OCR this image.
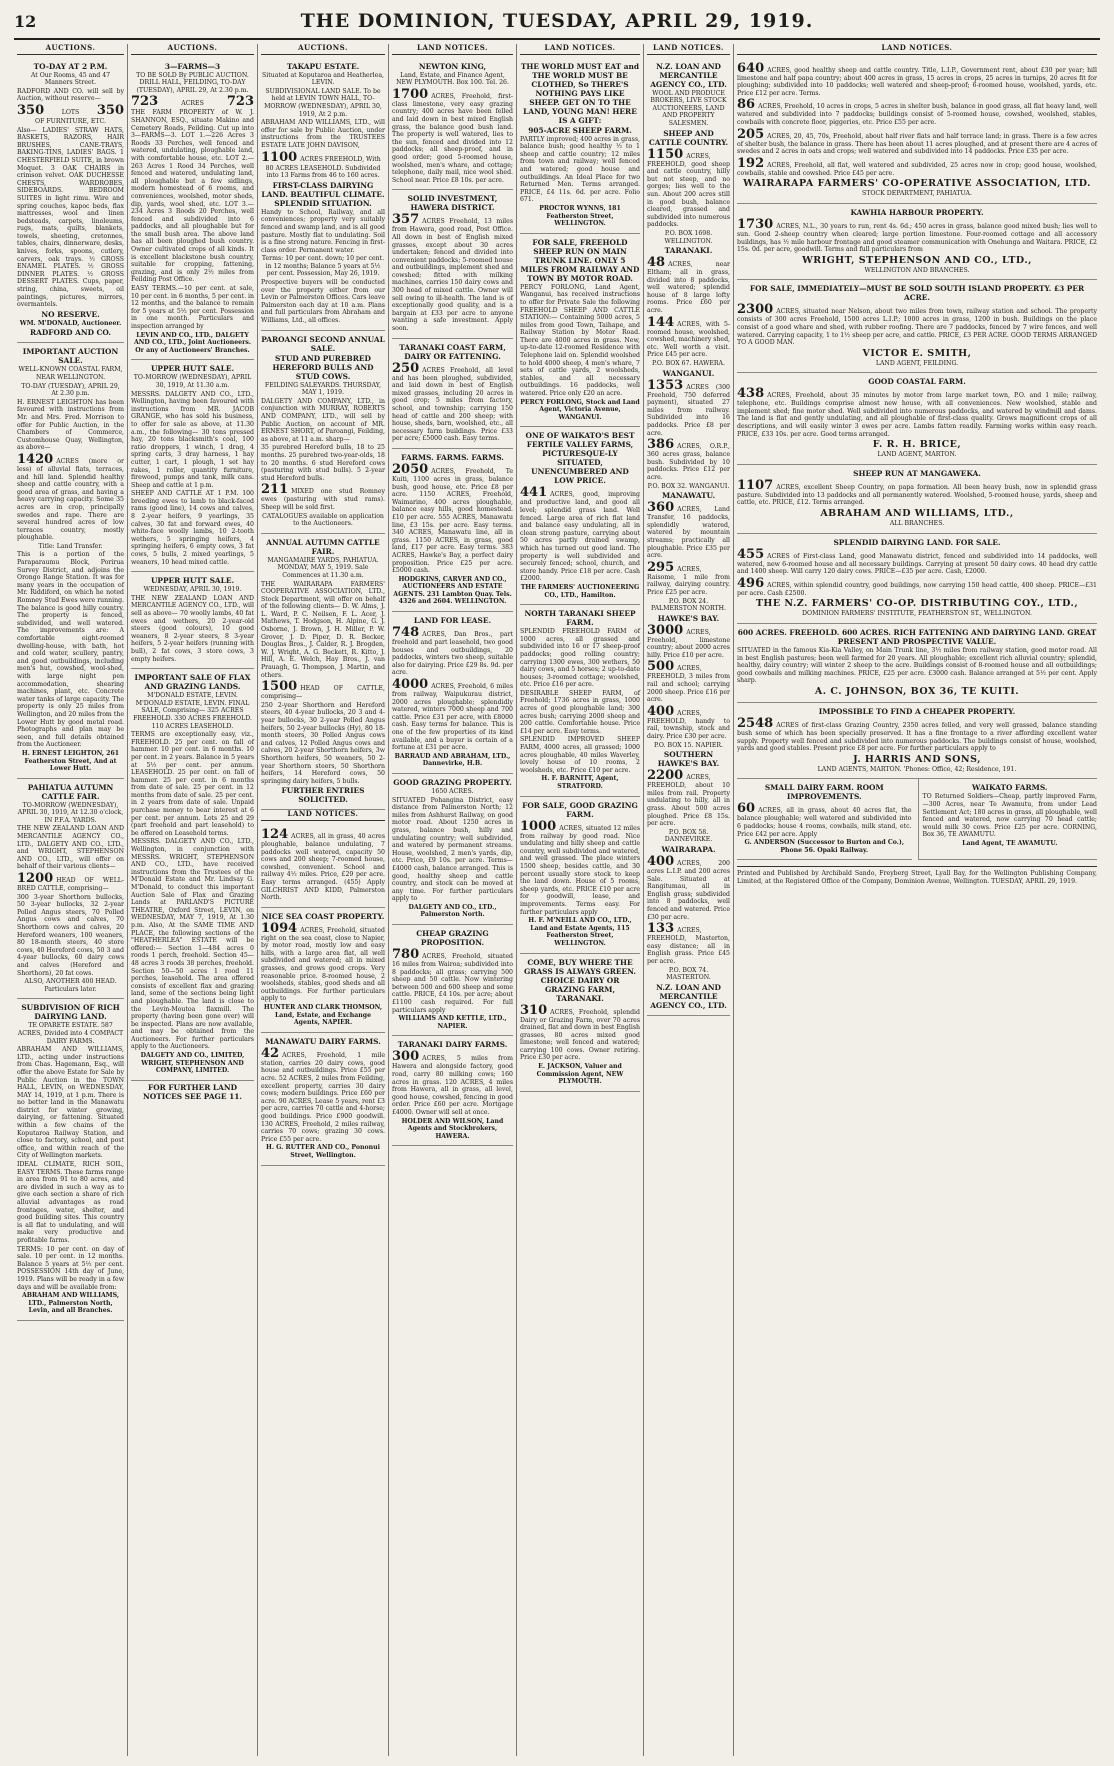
12	THE DOMINION, TUESDAY, APRIL 29, 1919.
AUCTIONS.

TO-DAY AT 2 P.M.

At Our Rooms, 45 and 47 Manners Street.

RADFORD AND CO. will sell by Auction, without reserve—

350	LOTS 350

OF FURNITURE, ETC.

Also— LADIES' STRAW HATS, BASKETS, RAZORS, HAIR BRUSHES, CANE-TRAYS, BAKING-TINS, LADIES' BAGS. 1 CHESTERFIELD SUITE, in brown Moquet. 3 OAK CHAIRS in crimson velvet. OAK DUCHESSE CHESTS, WARDROBES, SIDEBOARDS. BEDROOM SUITES in light rimu. Wire and spring couches, kapoc beds, flax mattresses, wool and linen bedsteads, carpets, linoleums, rugs, mats, quilts, blankets, towels, sheeting, cretonnes, tables, chairs, dinnerware, desks, knives, forks, spoons, cutlery, carvers, oak trays. ½ GROSS ENAMEL PLATES. ½ GROSS DINNER PLATES. ½ GROSS DESSERT PLATES. Cups, paper, string, china, sweets, oil paintings, pictures, mirrors, overmantels.

NO RESERVE.

WM. M'DONALD, Auctioneer.

RADFORD AND CO.

IMPORTANT AUCTION SALE.

WELL-KNOWN COASTAL FARM, NEAR WELLINGTON.

TO-DAY (TUESDAY), APRIL 29, At 2.30 p.m.

H. ERNEST LEIGHTON has been favoured with instructions from Mr. and Mrs. Fred. Morrison to offer for Public Auction, in the Chambers of Commerce, Customhouse Quay, Wellington, as above—

1420 ACRES (more or less) of alluvial flats, terraces, and hill land. Splendid healthy sheep and cattle country, with a good area of grass, and having a heavy carrying capacity. Some 35 acres are in crop, principally swedes and rape. There are several hundred acres of low terraces country, mostly ploughable.

Title: Land Transfer.

This is a portion of the Paraparaumu Block, Porirua Survey District, and adjoins the Orongo Range Station. It was for many years in the occupation of Mr. Riddiford, on which he noted Romney Stud Ewes were running. The balance is good hilly country. The property is fenced, subdivided, and well watered. The improvements are: A comfortable eight-roomed dwelling-house, with bath, hot and cold water, scullery, pantry, and good outbuildings, including men's hut, cowshed, wool-shed, with large night pen accommodation, shearing machines, plant, etc. Concrete water tanks of large capacity. The property is only 25 miles from Wellington, and 20 miles from the Lower Hutt by good metal road. Photographs and plan may be seen, and full details obtained from the Auctioneer.

H. ERNEST LEIGHTON, 261 Featherston Street, And at Lower Hutt.

PAHIATUA AUTUMN CATTLE FAIR.

TO-MORROW (WEDNESDAY), APRIL 30, 1919, At 12.30 o'clock, IN P.F.A. YARDS.

THE NEW ZEALAND LOAN AND MERCANTILE AGENCY CO., LTD., DALGETY AND CO., LTD., and WRIGHT, STEPHENSON AND CO., LTD., will offer on behalf of their various clients—

1200 HEAD OF WELL-BRED CATTLE, comprising—

300 3-year Shorthorn bullocks, 50 3-year bullocks, 32 2-year Polled Angus steers, 70 Polled Angus cows and calves, 70 Shorthorn cows and calves, 20 Hereford weaners, 100 weaners, 80 18-month steers, 40 store cows, 40 Hereford cows, 50 3 and 4-year bullocks, 60 dairy cows and calves (Hereford and Shorthorn), 20 fat cows.

ALSO, ANOTHER 400 HEAD. Particulars later.

SUBDIVISION OF RICH DAIRYING LAND.

TE OPARETE ESTATE. 587 ACRES, Divided into 4 COMPACT DAIRY FARMS.

ABRAHAM AND WILLIAMS, LTD., acting under instructions from Chas. Hagemann, Esq., will offer the above Estate for Sale by Public Auction in the TOWN HALL, LEVIN, on WEDNESDAY, MAY 14, 1919, at 1 p.m. There is no better land in the Manawatu district for winter growing, dairying, or fattening. Situated within a few chains of the Koputaroa Railway Station, and close to factory, school, and post office, and within reach of the City of Wellington markets.

IDEAL CLIMATE, RICH SOIL, EASY TERMS. These farms range in area from 91 to 80 acres, and are divided in such a way as to give each section a share of rich alluvial advantages as road frontages, water, shelter, and good building sites. This country is all flat to undulating, and will make very productive and profitable farms.

TERMS: 10 per cent. on day of sale. 10 per cent. in 12 months. Balance 5 years at 5½ per cent. POSSESSION 14th day of June, 1919. Plans will be ready in a few days and will be available from:

ABRAHAM AND WILLIAMS, LTD., Palmerston North, Levin, and all Branches.

AUCTIONS.

3—FARMS—3

TO BE SOLD By PUBLIC AUCTION. DRILL HALL, FEILDING, TO-DAY (TUESDAY), APRIL 29, At 2.30 p.m.

723	ACRES 723

THE FARM PROPERTY of W. J. SHANNON, ESQ., situate Makino and Cemetery Roads, Feilding. Cut up into 3—FARMS—3. LOT 1.—226 Acres 3 Roods 33 Perches, well fenced and watered, undulating, ploughable land, with comfortable house, etc. LOT 2.—263 Acres 1 Rood 34 Perches, well fenced and watered, undulating land, all ploughable but a few sidlings, modern homestead of 6 rooms, and conveniences, woolshed, motor sheds, dip, yards, wool shed, etc. LOT 3.—234 Acres 3 Roods 20 Perches, well fenced and subdivided into 6 paddocks, and all ploughable but for the small bush area. The above land has all been ploughed bush country. Owner cultivated crops of all kinds. It is excellent blackstone bush country, suitable for cropping, fattening, grazing, and is only 2½ miles from Feilding Post Office.

EASY TERMS.—10 per cent. at sale, 10 per cent. in 6 months, 5 per cent. in 12 months, and the balance to remain for 5 years at 5½ per cent. Possession in one month. Particulars and inspection arranged by

LEVIN AND CO., LTD., DALGETY AND CO., LTD., Joint Auctioneers. Or any of Auctioneers' Branches.

UPPER HUTT SALE.

TO-MORROW (WEDNESDAY), APRIL 30, 1919, At 11.30 a.m.

MESSRS. DALGETY AND CO., LTD., Wellington, having been favoured with instructions from MR. JACOB GRANGE, who has sold his business, to offer for sale as above, at 11.30 a.m., the following— 30 tons pressed hay, 20 tons blacksmith's coal, 100 ratio droppers, 1 winch, 1 drag, 4 spring carts, 3 dray harness, 1 hay cutter, 1 cart, 1 plough, 1 set hay rakes, 1 roller, quantity furniture, firewood, pumps and tank, milk cans. Sheep and cattle at 1 p.m.

SHEEP AND CATTLE AT 1 P.M. 100 breeding ewes to lamb to black-faced rams (good line), 14 cows and calves, 8 2-year heifers, 9 yearlings, 35 calves, 30 fat and forward ewes, 40 white-face woolly lambs, 10 2-tooth wethers, 5 springing heifers, 4 springing heifers, 6 empty cows, 3 fat cows, 5 bulls, 2 mixed yearlings, 5 weaners, 10 head mixed cattle.

UPPER HUTT SALE.

WEDNESDAY, APRIL 30, 1919.

THE NEW ZEALAND LOAN AND MERCANTILE AGENCY CO., LTD., will sell as above— 70 woolly lambs, 40 fat ewes and wethers, 20 2-year-old steers (good colours), 10 good weaners, 8 2-year steers, 8 3-year heifers, 5 2-year heifers (running with bull), 2 fat cows, 3 store cows, 3 empty heifers.

IMPORTANT SALE OF FLAX AND GRAZING LANDS.

M'DONALD ESTATE, LEVIN. M'DONALD ESTATE, LEVIN. FINAL SALE, Comprising— 325 ACRES FREEHOLD. 330 ACRES FREEHOLD. 110 ACRES LEASEHOLD.

TERMS are exceptionally easy, viz., FREEHOLD. 25 per cent. on fall of hammer. 10 per cent. in 6 months. 10 per cent. in 2 years. Balance in 5 years at 5½ per cent. per annum. LEASEHOLD. 25 per cent. on fall of hammer. 25 per cent. in 6 months from date of sale. 25 per cent. in 12 months from date of sale. 25 per cent. in 2 years from date of sale. Unpaid purchase money to bear interest at 6 per cent. per annum. Lots 25 and 29 (part freehold and part leasehold) to be offered on Leasehold terms.

MESSRS. DALGETY AND CO., LTD., Wellington, in conjunction with MESSRS. WRIGHT, STEPHENSON AND CO., LTD., have received instructions from the Trustees of the M'Donald Estate and Mr. Lindsay G. M'Donald, to conduct this important Auction Sale of Flax and Grazing Lands at PARLAND'S PICTURE THEATRE, Oxford Street, LEVIN, on WEDNESDAY, MAY 7, 1919, At 1.30 p.m. Also, At the SAME TIME AND PLACE, the following sections of the "HEATHERLEA" ESTATE will be offered:— Section 1—484 acres 0 roods 1 perch, freehold. Section 45—48 acres 3 roods 38 perches, freehold. Section 50—50 acres 1 rood 11 perches, leasehold. The area offered consists of excellent flax and grazing land, some of the sections being light and ploughable. The land is close to the Levin-Moutoa flaxmill. The property (having been gone over) will be inspected. Plans are now available, and may be obtained from the Auctioneers. For further particulars apply to the Auctioneers.

DALGETY AND CO., LIMITED, WRIGHT, STEPHENSON AND COMPANY, LIMITED.

FOR FURTHER LAND NOTICES SEE PAGE 11.

AUCTIONS.

TAKAPU ESTATE.

Situated at Koputaroa and Heatherlea, LEVIN.

SUBDIVISIONAL LAND SALE. To be held at LEVIN TOWN HALL, TO-MORROW (WEDNESDAY), APRIL 30, 1919, At 2 p.m.

ABRAHAM AND WILLIAMS, LTD., will offer for sale by Public Auction, under instructions from the TRUSTEES ESTATE LATE JOHN DAVISON,

1100 ACRES FREEHOLD, With

80 ACRES LEASEHOLD. Subdivided into 13 Farms from 46 to 160 acres.

FIRST-CLASS DAIRYING LAND. BEAUTIFUL CLIMATE. SPLENDID SITUATION.

Handy to School, Railway, and all conveniences; property very suitably fenced and swamp land, and is all good pasture. Mostly flat to undulating. Soil is a fine strong nature. Fencing in first-class order. Permanent water.

Terms: 10 per cent. down; 10 per cent. in 12 months; Balance 5 years at 5½ per cent. Possession, May 26, 1919.

Prospective buyers will be conducted over the property either from our Levin or Palmerston Offices. Cars leave Palmerston each day at 10 a.m. Plans and full particulars from Abraham and Williams, Ltd., all offices.

PAROANGI SECOND ANNUAL SALE.

STUD AND PUREBRED HEREFORD BULLS AND STUD COWS.

FEILDING SALEYARDS. THURSDAY, MAY 1, 1919.

DALGETY AND COMPANY, LTD., in conjunction with MURRAY, ROBERTS AND COMPANY, LTD., will sell by Public Auction, on account of MR. ERNEST SHORT, of Paroangi, Feilding, as above, at 11 a.m. sharp—

35 purebred Hereford bulls, 18 to 25 months. 25 purebred two-year-olds, 18 to 20 months. 6 stud Hereford cows (pasturing with stud bulls). 5 2-year stud Hereford bulls.

211 MIXED one stud Romney ewes (pasturing with stud rams). Sheep will be sold first.

CATALOGUES available on application to the Auctioneers.

ANNUAL AUTUMN CATTLE FAIR.

MANGAMAIRE YARDS, PAHIATUA. MONDAY, MAY 5, 1919. Sale Commences at 11.30 a.m.

THE WAIRARAPA FARMERS' COOPERATIVE ASSOCIATION, LTD., Stock Department, will offer on behalf of the following clients— D. W. Alms, J. L. Ward, P. C. Neilsen, F. L. Acer, J. Mathews, T. Hodgson, H. Alpine, G. J. Osborne, J. Brown, J. H. Miller, P. W. Grover, J. D. Piper, D. R. Becker, Douglas Bros., J. Calder, R. J. Brogden, W. J. Wright, A. G. Beckett, R. Kitto, J. Hill, A. E. Welch, Hay Bros., J. van Prauagh, G. Thompson, J. Martin, and others.

1500 HEAD OF CATTLE, comprising—

250 2-year Shorthorn and Hereford steers, 40 4-year bullocks, 20 3 and 4-year bullocks, 30 2-year Polled Angus heifers, 50 2-year bullocks (Hy), 80 18-month steers, 30 Polled Angus cows and calves, 12 Polled Angus cows and calves, 20 2-year Shorthorn heifers, 3w Shorthorn heifers, 50 weaners, 50 2-year Shorthorn steers, 50 Shorthorn heifers, 14 Hereford cows, 50 springing dairy heifers, 5 bulls.

FURTHER ENTRIES SOLICITED.

LAND NOTICES.

124 ACRES, all in grass, 40 acres ploughable, balance undulating, 7 paddocks well watered, capacity 50 cows and 200 sheep; 7-roomed house, cowshed, convenient. School and railway 4½ miles. Price, £29 per acre. Easy terms arranged. (455) Apply GILCHRIST AND KIDD, Palmerston North.

NICE SEA COAST PROPERTY.

1094 ACRES, Freehold, situated right on the sea coast, close to Napier, by motor road, mostly low and easy hills, with a large area flat, all well subdivided and watered; all in mixed grasses, and grows good crops. Very reasonable price. 8-roomed house, 2 woolsheds, stables, good sheds and all outbuildings. For further particulars apply to

HUNTER AND CLARK THOMSON, Land, Estate, and Exchange Agents, NAPIER.

MANAWATU DAIRY FARMS.

42 ACRES, Freehold, 1 mile station, carries 20 dairy cows, good house and outbuildings. Price £55 per acre. 52 ACRES, 2 miles from Feilding, excellent property, carries 30 dairy cows; modern buildings. Price £60 per acre. 90 ACRES, Lease 5 years, rent £3 per acre, carries 70 cattle and 4-horse; good buildings. Price £900 goodwill. 130 ACRES, Freehold, 2 miles railway, carries 70 cows; grazing 30 cows. Price £55 per acre.

H. G. RUTTER AND CO., Pononui Street, Wellington.

LAND NOTICES.

NEWTON KING,

Land, Estate, and Finance Agent, NEW PLYMOUTH. Box 100. Tel. 26.

1700 ACRES, Freehold, first-class limestone, very easy grazing country; 400 acres have been felled and laid down in best mixed English grass, the balance good bush land. The property is well watered, lies to the sun, fenced and divided into 12 paddocks; all sheep-proof, and in good order; good 5-roomed house, woolshed, men's whare, and cottage; telephone, daily mail, nice wool shed. School near. Price £8 10s. per acre.

SOLID INVESTMENT, HAWERA DISTRICT.

357 ACRES Freehold, 13 miles from Hawera, good road, Post Office. All down in best of English mixed grasses, except about 30 acres undertaken; fenced and divided into convenient paddocks; 5-roomed house and outbuildings, implement shed and cowshed; fitted with milking machines, carries 150 dairy cows and 300 head of mixed cattle. Owner will sell owing to ill-health. The land is of exceptionally good quality, and is a bargain at £33 per acre to anyone wanting a safe investment. Apply soon.

TARANAKI COAST FARM, DAIRY OR FATTENING.

250 ACRES Freehold, all level and has been ploughed, subdivided, and laid down in best of English mixed grasses, including 20 acres in good crop; 5 miles from factory, school, and township; carrying 150 head of cattle and 200 sheep; with house, sheds, barn, woolshed, etc., all necessary farm buildings. Price £33 per acre; £5000 cash. Easy terms.

FARMS. FARMS. FARMS.

2050 ACRES, Freehold, Te Kuiti, 1100 acres in grass, balance bush, good house, etc. Price £8 per acre. 1150 ACRES, Freehold, Waimarino, 400 acres ploughable, balance easy hills, good homestead. £10 per acre. 555 ACRES, Manawatu line, £3 15s. per acre. Easy terms. 340 ACRES, Manawatu line, all in grass. 1150 ACRES, in grass, good land, £17 per acre. Easy terms. 383 ACRES, Hawke's Bay, a perfect dairy proposition. Price £25 per acre. £5000 cash.

HODGKINS, CARVER AND CO., AUCTIONEERS AND ESTATE AGENTS. 231 Lambton Quay. Tels. 4326 and 2604. WELLINGTON.

LAND FOR LEASE.

748 ACRES, Dan Bros., part freehold and part leasehold, two good houses and outbuildings, 20 paddocks, winters two sheep, suitable also for dairying. Price £29 8s. 9d. per acre.

4000 ACRES, Freehold, 6 miles from railway, Waipukurau district, 2000 acres ploughable; splendidly watered, winters 7000 sheep and 700 cattle. Price £31 per acre, with £8000 cash. Easy terms for balance. This is one of the few properties of its kind available, and a buyer is certain of a fortune at £31 per acre.

BARRAUD AND ABRAHAM, LTD., Dannevirke, H.B.

GOOD GRAZING PROPERTY.

1650 ACRES.

SITUATED Pohangina District, easy distance from Palmerston North; 12 miles from Ashhurst Railway, on good motor road. About 1250 acres in grass, balance bush, hilly and undulating country; well subdivided, and watered by permanent streams. House, woolshed, 2 men's yards, dip, etc. Price, £9 10s. per acre. Terms—£4000 cash, balance arranged. This is good, healthy sheep and cattle country, and stock can be moved at any time. For further particulars apply to

DALGETY AND CO., LTD., Palmerston North.

CHEAP GRAZING PROPOSITION.

780 ACRES, Freehold, situated 16 miles from Wairoa; subdivided into 8 paddocks; all grass; carrying 500 sheep and 50 cattle. Now wintering between 500 and 600 sheep and some cattle. PRICE, £4 10s. per acre; about £1100 cash required. For full particulars apply

WILLIAMS AND KETTLE, LTD., NAPIER.

TARANAKI DAIRY FARMS.

300 ACRES, 5 miles from Hawera and alongside factory, good road, carry 80 milking cows; 160 acres in grass. 120 ACRES, 4 miles from Hawera, all in grass, all level, good house, cowshed, fencing in good order. Price £60 per acre. Mortgage £4000. Owner will sell at once.

HOLDER AND WILSON, Land Agents and Stockbrokers, HAWERA.

LAND NOTICES.

THE WORLD MUST EAT and THE WORLD MUST BE CLOTHED, So THERE'S NOTHING PAYS LIKE SHEEP. GET ON TO THE LAND, YOUNG MAN! HERE IS A GIFT:

905-ACRE SHEEP FARM.

PARTLY improved; 400 acres in grass, balance bush; good healthy ½ to 1 sheep and cattle country; 12 miles from town and railway; well fenced and watered; good house and outbuildings. An Ideal Place for two Returned Men. Terms arranged. PRICE, £4 11s. 6d. per acre. Folio 671.

PROCTOR WYNNS, 181 Featherston Street, WELLINGTON.

FOR SALE, FREEHOLD SHEEP RUN ON MAIN TRUNK LINE. ONLY 5 MILES FROM RAILWAY AND TOWN BY MOTOR ROAD.

PERCY FORLONG, Land Agent, Wanganui, has received instructions to offer for Private Sale the following FREEHOLD SHEEP AND CATTLE STATION:— Containing 5000 acres, 5 miles from good Town, Taihape, and Railway Station by Motor Road. There are 4000 acres in grass. New, up-to-date 12-roomed Residence with Telephone laid on. Splendid woolshed to hold 4000 sheep, 4 men's whare, 7 sets of cattle yards, 2 woolsheds, stables, and all necessary outbuildings. 16 paddocks, well watered. Price only £20 an acre.

PERCY FORLONG, Stock and Land Agent, Victoria Avenue, WANGANUI.

ONE OF WAIKATO'S BEST FERTILE VALLEY FARMS, PICTURESQUE-LY SITUATED, UNENCUMBERED AND LOW PRICE.

441 ACRES, good, improving and productive land, and good all level; splendid grass land. Well fenced. Large area of rich flat land and balance easy undulating, all in clean strong pasture, carrying about 50 acres partly drained swamp, which has turned out good land. The property is well subdivided and securely fenced; school, church, and store handy. Price £18 per acre. Cash £2000.

THE FARMERS' AUCTIONEERING CO., LTD., Hamilton.

NORTH TARANAKI SHEEP FARM.

SPLENDID FREEHOLD FARM of 1000 acres, all grassed and subdivided into 16 or 17 sheep-proof paddocks; good rolling country; carrying 1300 ewes, 300 wethers, 50 dairy cows, and 5 horses; 2 up-to-date houses; 3-roomed cottage; woolshed, etc. Price £16 per acre.

DESIRABLE SHEEP FARM, of Freehold; 1736 acres in grass, 1000 acres of good ploughable land; 300 acres bush; carrying 2000 sheep and 200 cattle. Comfortable house. Price £14 per acre. Easy terms.

SPLENDID IMPROVED SHEEP FARM, 4000 acres, all grassed; 1000 acres ploughable, 40 miles Waverley, lovely house of 10 rooms, 2 woolsheds, etc. Price £10 per acre.

H. F. BARNITT, Agent, STRATFORD.

FOR SALE, GOOD GRAZING FARM.

1000 ACRES, situated 12 miles from railway by good road. Nice undulating and hilly sheep and cattle country, well subdivided and watered, and well grassed. The place winters 1500 sheep, besides cattle, and 30 percent usually store stock to keep the land down. House of 5 rooms, sheep yards, etc. PRICE £10 per acre for goodwill, lease, and improvements. Terms easy. For further particulars apply

H. F. M'NEILL AND CO., LTD., Land and Estate Agents, 115 Featherston Street, WELLINGTON.

COME, BUY WHERE THE GRASS IS ALWAYS GREEN. CHOICE DAIRY OR GRAZING FARM, TARANAKI.

310 ACRES, Freehold, splendid Dairy or Grazing Farm, over 70 acres drained, flat and down in best English grasses, 80 acres mixed good limestone; well fenced and watered; carrying 100 cows. Owner retiring. Price £30 per acre.

E. JACKSON, Valuer and Commission Agent, NEW PLYMOUTH.

LAND NOTICES.

N.Z. LOAN AND MERCANTILE AGENCY CO., LTD.

WOOL AND PRODUCE BROKERS, LIVE STOCK AUCTIONEERS, LAND AND PROPERTY SALESMEN.

SHEEP AND CATTLE COUNTRY.

1150 ACRES, FREEHOLD, good sheep and cattle country, hilly but not steep, and no gorges; lies well to the sun. About 200 acres still in good bush, balance cleared, grassed and subdivided into numerous paddocks.

P.O. BOX 1698. WELLINGTON.

TARANAKI.

48 ACRES, near Eltham; all in grass, divided into 8 paddocks, well watered; splendid house of 8 large lofty rooms. Price £60 per acre.

144 ACRES, with 5-roomed house, woolshed, cowshed, machinery shed, etc. Well worth a visit. Price £45 per acre.

P.O. BOX 67. HAWERA.

WANGANUI.

1353 ACRES (300 Freehold, 750 deferred payment), situated 27 miles from railway. Subdivided into 16 paddocks. Price £8 per acre.

386 ACRES, O.R.P., 360 acres grass, balance bush. Subdivided by 10 paddocks. Price £12 per acre.

P.O. BOX 32. WANGANUI.

MANAWATU.

360 ACRES, Land Transfer, 16 paddocks, splendidly watered, watered by mountain streams; practically all ploughable. Price £35 per acre.

295 ACRES, Raisome, 1 mile from railway, dairying country. Price £25 per acre.

P.O. BOX 24. PALMERSTON NORTH.

HAWKE'S BAY.

3000 ACRES, Freehold, limestone country; about 2000 acres hilly. Price £10 per acre.

500 ACRES, FREEHOLD, 3 miles from rail and school; carrying 2000 sheep. Price £16 per acre.

400 ACRES, FREEHOLD, handy to rail, township, stock and dairy. Price £30 per acre.

P.O. BOX 15. NAPIER.

SOUTHERN HAWKE'S BAY.

2200 ACRES, FREEHOLD, about 10 miles from rail. Property undulating to hilly, all in grass. About 500 acres ploughed. Price £8 15s. per acre.

P.O. BOX 58. DANNEVIRKE.

WAIRARAPA.

400 ACRES, 200 acres L.I.P. and 200 acres Sale. Situated at Rangitumau, all in English grass; subdivided into 8 paddocks, well fenced and watered. Price £30 per acre.

133 ACRES, FREEHOLD, Masterton, easy distance; all in English grass. Price £45 per acre.

P.O. BOX 74. MASTERTON.

N.Z. LOAN AND MERCANTILE AGENCY CO., LTD.

LAND NOTICES.

640 ACRES, good healthy sheep and cattle country. Title, L.I.P., Government rent, about £30 per year; hill limestone and half papa country; about 400 acres in grass, 15 acres in crops, 25 acres in turnips, 20 acres fit for ploughing; subdivided into 10 paddocks; well watered and sheep-proof; 6-roomed house, woolshed, yards, etc. Price £12 per acre. Terms.

86 ACRES, Freehold, 10 acres in crops, 5 acres in shelter bush, balance in good grass, all flat heavy land, well watered and subdivided into 7 paddocks; buildings consist of 5-roomed house, cowshed, woolshed, stables, cowbails with concrete floor, piggeries, etc. Price £55 per acre.

205 ACRES, 20, 45, 70s, Freehold, about half river flats and half terrace land; in grass. There is a few acres of shelter bush, the balance in grass. There has been about 11 acres ploughed, and at present there are 4 acres of swedes and 2 acres in oats and crops; well watered and subdivided into 14 paddocks. Price £35 per acre.

192 ACRES, Freehold, all flat, well watered and subdivided, 25 acres now in crop; good house, woolshed, cowbails, stable and cowshed. Price £45 per acre.

WAIRARAPA FARMERS' CO-OPERATIVE ASSOCIATION, LTD.

STOCK DEPARTMENT, PAHIATUA.

KAWHIA HARBOUR PROPERTY.

1730 ACRES, N.L., 30 years to run, rent 4s. 6d.; 450 acres in grass, balance good mixed bush; lies well to sun. Good 2-sheep country when cleared; large portion limestone. Four-roomed cottage and all accessory buildings, has ½ mile harbour frontage and good steamer communication with Onehunga and Waitara. PRICE, £2 15s. 0d. per acre, goodwill. Terms and full particulars from

WRIGHT, STEPHENSON AND CO., LTD.,

WELLINGTON AND BRANCHES.

FOR SALE, IMMEDIATELY—MUST BE SOLD SOUTH ISLAND PROPERTY. £3 PER ACRE.

2300 ACRES, situated near Nelson, about two miles from town, railway station and school. The property consists of 300 acres Freehold, 1500 acres L.I.P.; 1000 acres in grass, 1200 in bush. Buildings on the place consist of a good whare and shed, with rubber roofing. There are 7 paddocks, fenced by 7 wire fences, and well watered. Carrying capacity, 1 to 1½ sheep per acre, and cattle. PRICE, £3 PER ACRE. GOOD TERMS ARRANGED TO A GOOD MAN.

VICTOR E. SMITH,

LAND AGENT, FEILDING.

GOOD COASTAL FARM.

438 ACRES, Freehold, about 35 minutes by motor from large market town, P.O. and 1 mile; railway, telephone, etc. Buildings comprise almost new house, with all conveniences. New woolshed, stable and implement shed; fine motor shed. Well subdivided into numerous paddocks, and watered by windmill and dams. The land is flat and gently undulating, and all ploughable of first-class quality. Grows magnificent crops of all descriptions, and will easily winter 3 ewes per acre. Lambs fatten readily. Farming works within easy reach. PRICE, £33 10s. per acre. Good terms arranged.

F. R. H. BRICE,

LAND AGENT, MARTON.

SHEEP RUN AT MANGAWEKA.

1107 ACRES, excellent Sheep Country, on papa formation. All been heavy bush, now in splendid grass pasture. Subdivided into 13 paddocks and all permanently watered. Woolshed, 5-roomed house, yards, sheep and cattle, etc. PRICE, £12. Terms arranged.

ABRAHAM AND WILLIAMS, LTD.,

ALL BRANCHES.

SPLENDID DAIRYING LAND. FOR SALE.

455 ACRES of First-class Land, good Manawatu district, fenced and subdivided into 14 paddocks, well watered, new 6-roomed house and all necessary buildings. Carrying at present 50 dairy cows. 40 head dry cattle and 1400 sheep. Will carry 120 dairy cows. PRICE—£35 per acre. Cash, £2000.

496 ACRES, within splendid country, good buildings, now carrying 150 head cattle, 400 sheep. PRICE—£31 per acre. Cash £2500.

THE N.Z. FARMERS' CO-OP. DISTRIBUTING COY., LTD.,

DOMINION FARMERS' INSTITUTE, FEATHERSTON ST., WELLINGTON.

600 ACRES. FREEHOLD. 600 ACRES. RICH FATTENING AND DAIRYING LAND. GREAT PRESENT AND PROSPECTIVE VALUE.

SITUATED in the famous Kia-Kia Valley, on Main Trunk line, 3½ miles from railway station, good motor road. All in best English pastures; been well farmed for 20 years. All ploughable; excellent rich alluvial country; splendid, healthy, dairy country; will winter 2 sheep to the acre. Buildings consist of 8-roomed house and all outbuildings; good cowbails and milking machines. PRICE, £25 per acre. £3000 cash. Balance arranged at 5½ per cent. Apply sharp.

A. C. JOHNSON, BOX 36, TE KUITI.

IMPOSSIBLE TO FIND A CHEAPER PROPERTY.

2548 ACRES of first-class Grazing Country, 2350 acres felled, and very well grassed, balance standing bush some of which has been specially preserved. It has a fine frontage to a river affording excellent water supply. Property well fenced and subdivided into numerous paddocks. The buildings consist of house, woolshed, yards and good stables. Present price £8 per acre. For further particulars apply to

J. HARRIS AND SONS,

LAND AGENTS, MARTON. 'Phones: Office, 42; Residence, 191.

SMALL DAIRY FARM. ROOM IMPROVEMENTS.

60 ACRES, all in grass, about 40 acres flat, the balance ploughable; well watered and subdivided into 6 paddocks; house 4 rooms, cowbails, milk stand, etc. Price £42 per acre. Apply

G. ANDERSON (Successor to Burton and Co.), Phone 56. Opaki Railway.

WAIKATO FARMS.

TO Returned Soldiers—Cheap, partly improved Farm,—300 Acres, near Te Awamutu, from under Lead Settlement Act; 180 acres in grass, all ploughable, well fenced and watered, now carrying 70 head cattle; would milk 30 cows. Price £25 per acre. CORNING, Box 36, TE AWAMUTU.

Land Agent, TE AWAMUTU.

Printed and Published by Archibald Sando, Freyberg Street, Lyall Bay, for the Wellington Publishing Company, Limited, at the Registered Office of the Company, Dominion Avenue, Wellington. TUESDAY, APRIL 29, 1919.
